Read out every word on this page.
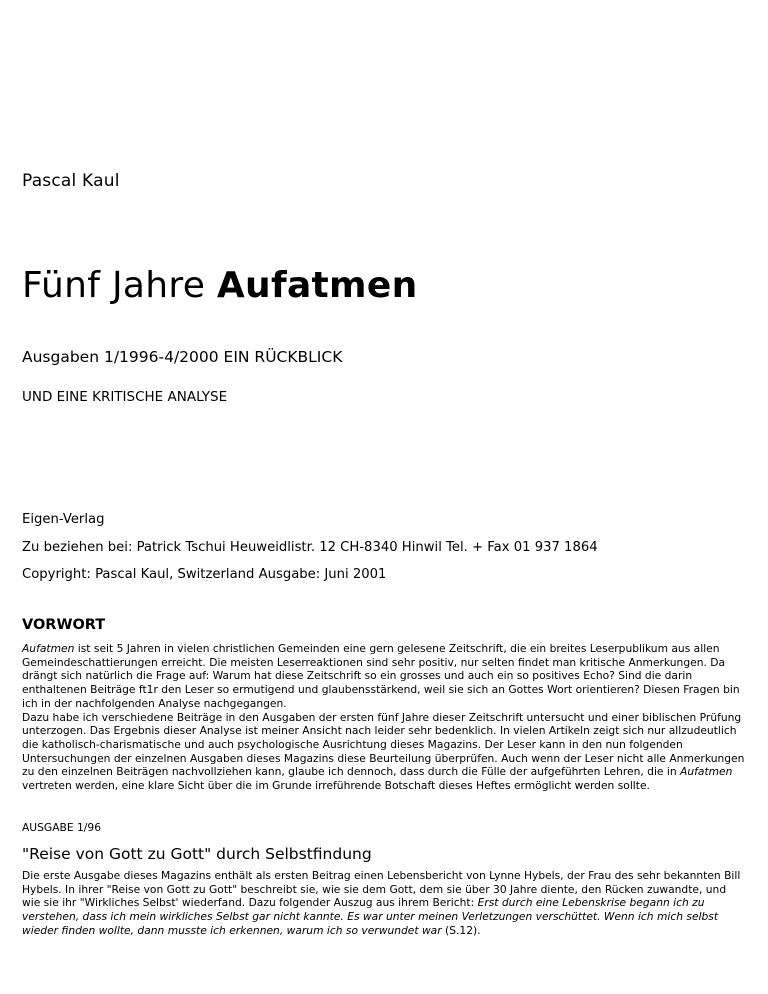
Pascal Kaul
Fünf Jahre Aufatmen
Ausgaben 1/1996-4/2000 EIN RÜCKBLICK
UND EINE KRITISCHE ANALYSE
Eigen-Verlag
Zu beziehen bei: Patrick Tschui Heuweidlistr. 12 CH-8340 Hinwil Tel. + Fax 01 937 1864
Copyright: Pascal Kaul, Switzerland Ausgabe: Juni 2001
VORWORT

Aufatmen ist seit 5 Jahren in vielen christlichen Gemeinden eine gern gelesene Zeitschrift, die ein breites Leserpublikum aus allen Gemeindeschattierungen erreicht. Die meisten Leserreaktionen sind sehr positiv, nur selten findet man kritische Anmerkungen. Da drängt sich natürlich die Frage auf: Warum hat diese Zeitschrift so ein grosses und auch ein so positives Echo? Sind die darin enthaltenen Beiträge ft1r den Leser so ermutigend und glaubensstärkend, weil sie sich an Gottes Wort orientieren? Diesen Fragen bin ich in der nachfolgenden Analyse nachgegangen.

Dazu habe ich verschiedene Beiträge in den Ausgaben der ersten fünf Jahre dieser Zeitschrift untersucht und einer biblischen Prüfung unterzogen. Das Ergebnis dieser Analyse ist meiner Ansicht nach leider sehr bedenklich. In vielen Artikeln zeigt sich nur allzudeutlich die katholisch-charismatische und auch psychologische Ausrichtung dieses Magazins. Der Leser kann in den nun folgenden Untersuchungen der einzelnen Ausgaben dieses Magazins diese Beurteilung überprüfen. Auch wenn der Leser nicht alle Anmerkungen zu den einzelnen Beiträgen nachvollziehen kann, glaube ich dennoch, dass durch die Fülle der aufgeführten Lehren, die in Aufatmen vertreten werden, eine klare Sicht über die im Grunde irreführende Botschaft dieses Heftes ermöglicht werden sollte.

AUSGABE 1/96
"Reise von Gott zu Gott" durch Selbstfindung

Die erste Ausgabe dieses Magazins enthält als ersten Beitrag einen Lebensbericht von Lynne Hybels, der Frau des sehr bekannten Bill Hybels. In ihrer "Reise von Gott zu Gott" beschreibt sie, wie sie dem Gott, dem sie über 30 Jahre diente, den Rücken zuwandte, und wie sie ihr "Wirkliches Selbst' wiederfand. Dazu folgender Auszug aus ihrem Bericht: Erst durch eine Lebenskrise begann ich zu verstehen, dass ich mein wirkliches Selbst gar nicht kannte. Es war unter meinen Verletzungen verschüttet. Wenn ich mich selbst wieder finden wollte, dann musste ich erkennen, warum ich so verwundet war (S.12).
